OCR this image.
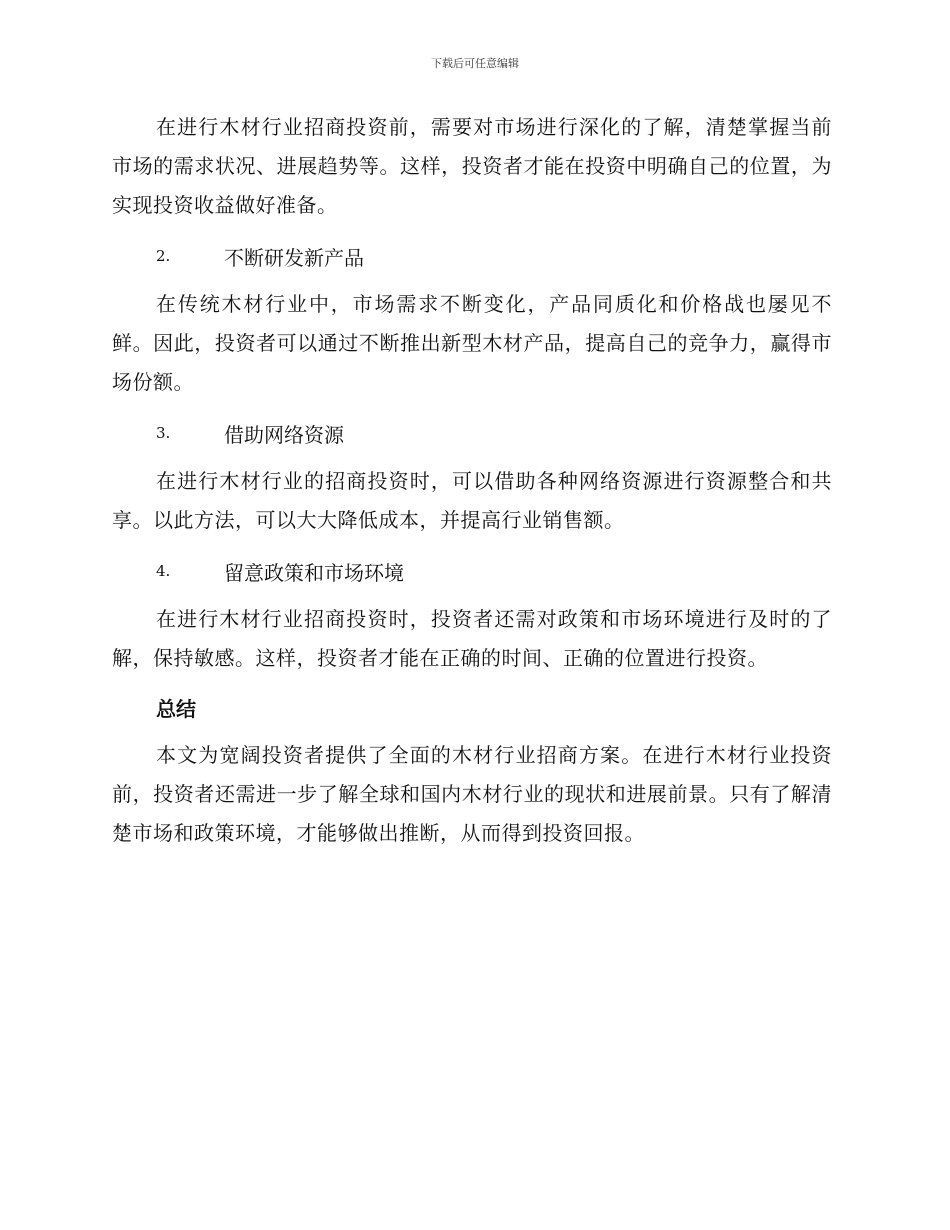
下载后可任意编辑

在进行木材行业招商投资前，需要对市场进行深化的了解，清楚掌握当前市场的需求状况、进展趋势等。这样，投资者才能在投资中明确自己的位置，为实现投资收益做好准备。

2.	不断研发新产品

在传统木材行业中，市场需求不断变化，产品同质化和价格战也屡见不鲜。因此，投资者可以通过不断推出新型木材产品，提高自己的竞争力，赢得市场份额。

3.	借助网络资源

在进行木材行业的招商投资时，可以借助各种网络资源进行资源整合和共享。以此方法，可以大大降低成本，并提高行业销售额。

4.	留意政策和市场环境

在进行木材行业招商投资时，投资者还需对政策和市场环境进行及时的了解，保持敏感。这样，投资者才能在正确的时间、正确的位置进行投资。

总结

本文为宽阔投资者提供了全面的木材行业招商方案。在进行木材行业投资前，投资者还需进一步了解全球和国内木材行业的现状和进展前景。只有了解清楚市场和政策环境，才能够做出推断，从而得到投资回报。
